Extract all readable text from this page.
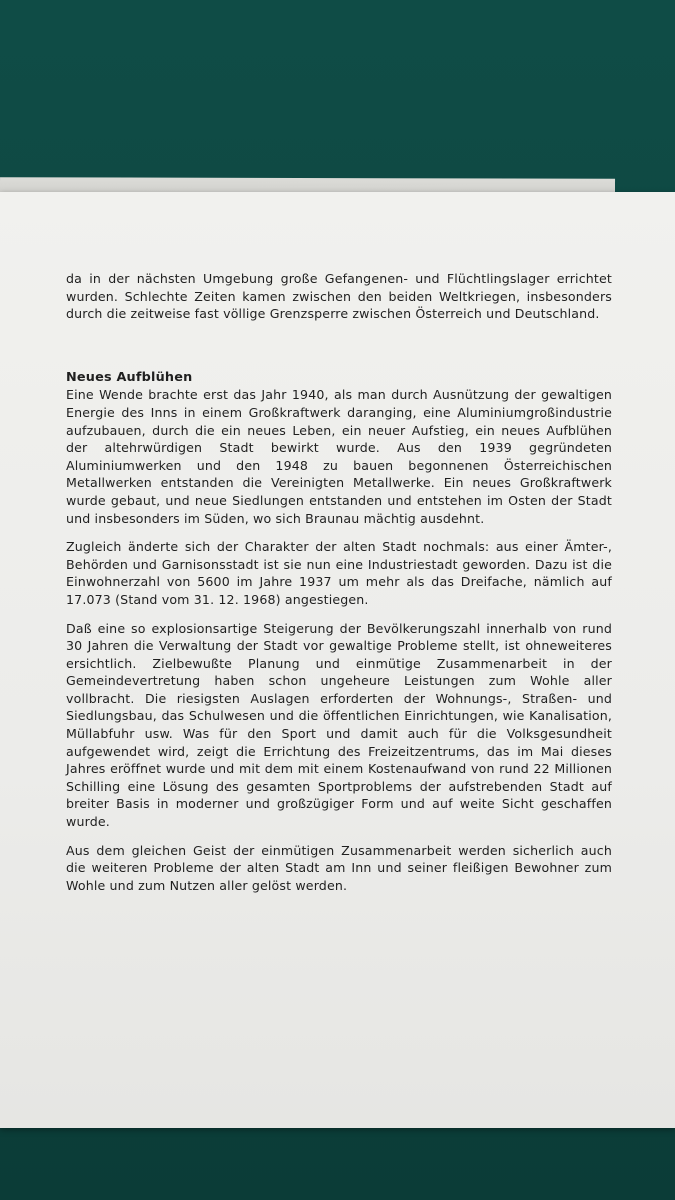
da in der nächsten Umgebung große Gefangenen- und Flüchtlingslager errichtet wurden. Schlechte Zeiten kamen zwischen den beiden Weltkriegen, insbesonders durch die zeitweise fast völlige Grenzsperre zwischen Österreich und Deutschland.

Neues Aufblühen

Eine Wende brachte erst das Jahr 1940, als man durch Ausnützung der gewaltigen Energie des Inns in einem Großkraftwerk daranging, eine Aluminiumgroßindustrie aufzubauen, durch die ein neues Leben, ein neuer Aufstieg, ein neues Aufblühen der altehrwürdigen Stadt bewirkt wurde. Aus den 1939 gegründeten Aluminiumwerken und den 1948 zu bauen begonnenen Österreichischen Metallwerken entstanden die Vereinigten Metallwerke. Ein neues Großkraftwerk wurde gebaut, und neue Siedlungen entstanden und entstehen im Osten der Stadt und insbesonders im Süden, wo sich Braunau mächtig ausdehnt.

Zugleich änderte sich der Charakter der alten Stadt nochmals: aus einer Ämter-, Behörden und Garnisonsstadt ist sie nun eine Industriestadt geworden. Dazu ist die Einwohnerzahl von 5600 im Jahre 1937 um mehr als das Dreifache, nämlich auf 17.073 (Stand vom 31. 12. 1968) angestiegen.

Daß eine so explosionsartige Steigerung der Bevölkerungszahl innerhalb von rund 30 Jahren die Verwaltung der Stadt vor gewaltige Probleme stellt, ist ohneweiteres ersichtlich. Zielbewußte Planung und einmütige Zusammenarbeit in der Gemeindevertretung haben schon ungeheure Leistungen zum Wohle aller vollbracht. Die riesigsten Auslagen erforderten der Wohnungs-, Straßen- und Siedlungsbau, das Schulwesen und die öffentlichen Einrichtungen, wie Kanalisation, Müllabfuhr usw. Was für den Sport und damit auch für die Volksgesundheit aufgewendet wird, zeigt die Errichtung des Freizeitzentrums, das im Mai dieses Jahres eröffnet wurde und mit dem mit einem Kostenaufwand von rund 22 Millionen Schilling eine Lösung des gesamten Sportproblems der aufstrebenden Stadt auf breiter Basis in moderner und großzügiger Form und auf weite Sicht geschaffen wurde.

Aus dem gleichen Geist der einmütigen Zusammenarbeit werden sicherlich auch die weiteren Probleme der alten Stadt am Inn und seiner fleißigen Bewohner zum Wohle und zum Nutzen aller gelöst werden.
